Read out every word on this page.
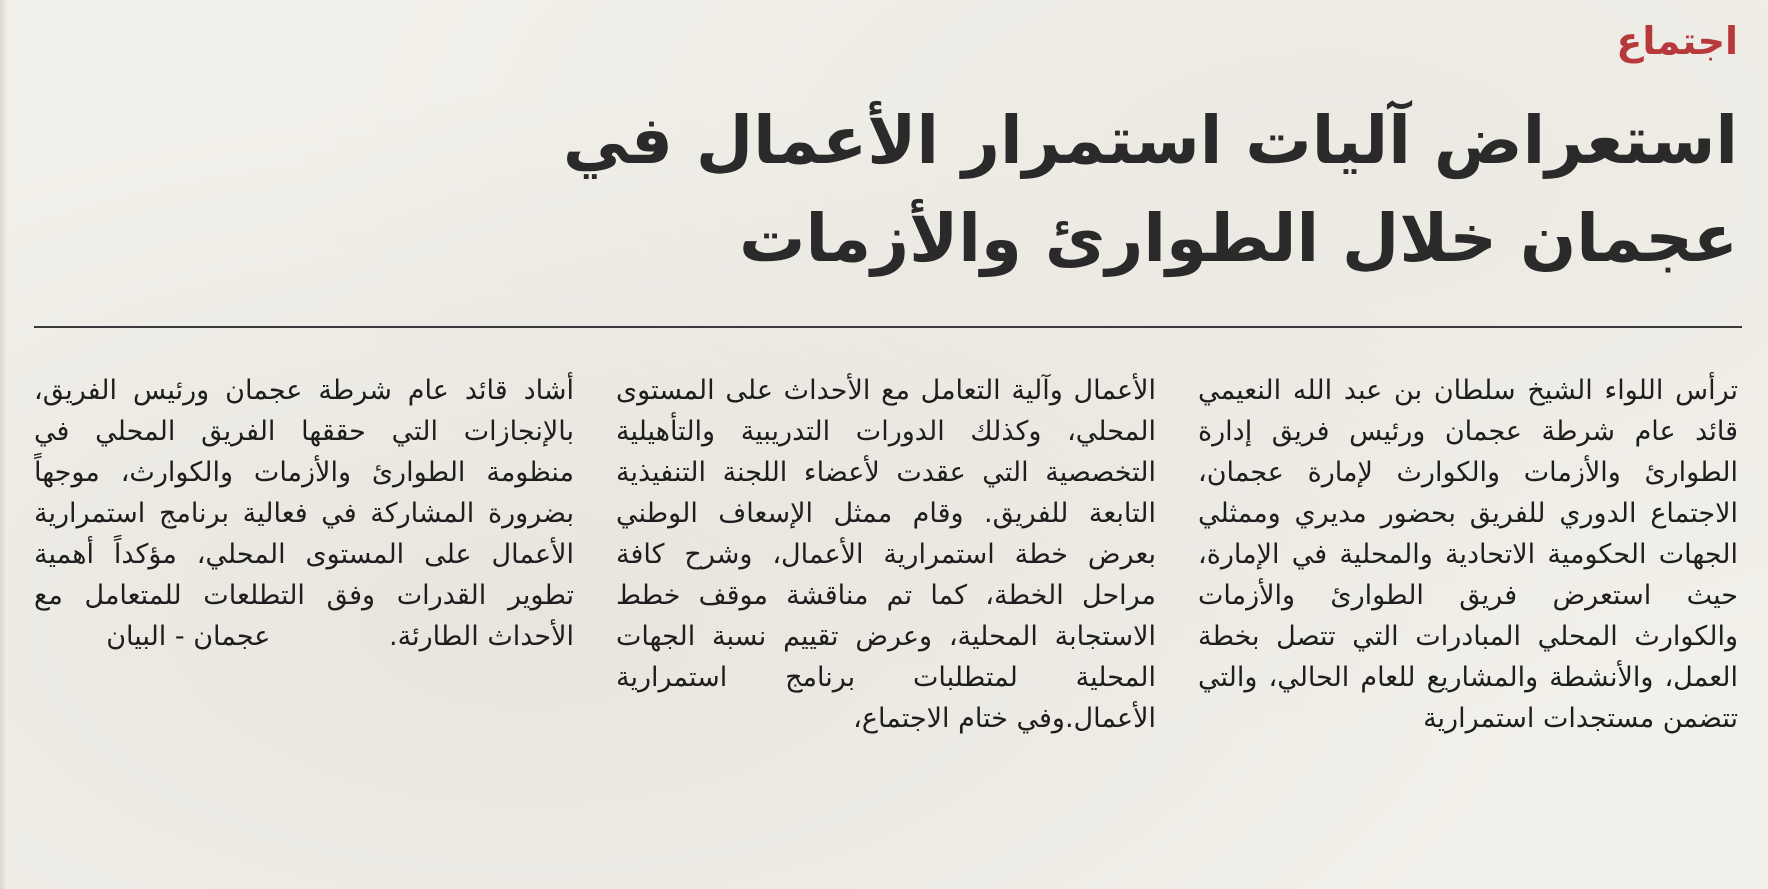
اجتماع
استعراض آليات استمرار الأعمال في عجمان خلال الطوارئ والأزمات
ترأس اللواء الشيخ سلطان بن عبد الله النعيمي قائد عام شرطة عجمان ورئيس فريق إدارة الطوارئ والأزمات والكوارث لإمارة عجمان، الاجتماع الدوري للفريق بحضور مديري وممثلي الجهات الحكومية الاتحادية والمحلية في الإمارة، حيث استعرض فريق الطوارئ والأزمات والكوارث المحلي المبادرات التي تتصل بخطة العمل، والأنشطة والمشاريع للعام الحالي، والتي تتضمن مستجدات استمرارية
الأعمال وآلية التعامل مع الأحداث على المستوى المحلي، وكذلك الدورات التدريبية والتأهيلية التخصصية التي عقدت لأعضاء اللجنة التنفيذية التابعة للفريق. وقام ممثل الإسعاف الوطني بعرض خطة استمرارية الأعمال، وشرح كافة مراحل الخطة، كما تم مناقشة موقف خطط الاستجابة المحلية، وعرض تقييم نسبة الجهات المحلية لمتطلبات برنامج استمرارية الأعمال.وفي ختام الاجتماع،
أشاد قائد عام شرطة عجمان ورئيس الفريق، بالإنجازات التي حققها الفريق المحلي في منظومة الطوارئ والأزمات والكوارث، موجهاً بضرورة المشاركة في فعالية برنامج استمرارية الأعمال على المستوى المحلي، مؤكداً أهمية تطوير القدرات وفق التطلعات للمتعامل مع الأحداث الطارئة. عجمان - البيان
